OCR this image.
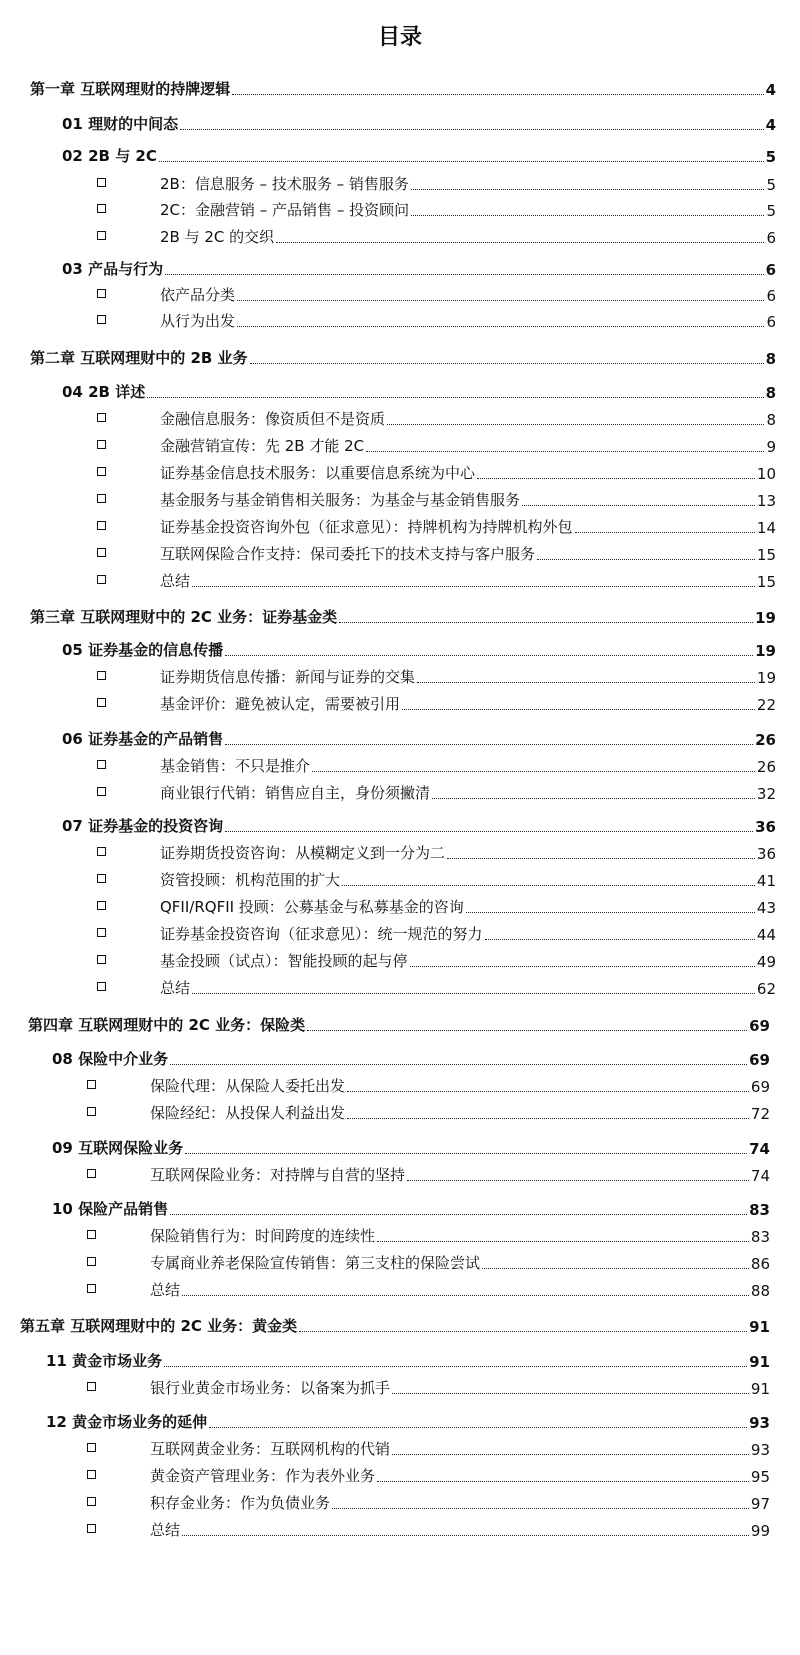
目录
第一章 互联网理财的持牌逻辑	4
01 理财的中间态	4
02 2B 与 2C	5
2B：信息服务 – 技术服务 – 销售服务	5
2C：金融营销 – 产品销售 – 投资顾问	5
2B 与 2C 的交织	6
03 产品与行为	6
依产品分类	6
从行为出发	6
第二章 互联网理财中的 2B 业务	8
04 2B 详述	8
金融信息服务：像资质但不是资质	8
金融营销宣传：先 2B 才能 2C	9
证券基金信息技术服务：以重要信息系统为中心	10
基金服务与基金销售相关服务：为基金与基金销售服务	13
证券基金投资咨询外包（征求意见）：持牌机构为持牌机构外包	14
互联网保险合作支持：保司委托下的技术支持与客户服务	15
总结	15
第三章 互联网理财中的 2C 业务：证券基金类	19
05 证券基金的信息传播	19
证券期货信息传播：新闻与证券的交集	19
基金评价：避免被认定，需要被引用	22
06 证券基金的产品销售	26
基金销售：不只是推介	26
商业银行代销：销售应自主，身份须撇清	32
07 证券基金的投资咨询	36
证券期货投资咨询：从模糊定义到一分为二	36
资管投顾：机构范围的扩大	41
QFII/RQFII 投顾：公募基金与私募基金的咨询	43
证券基金投资咨询（征求意见）：统一规范的努力	44
基金投顾（试点）：智能投顾的起与停	49
总结	62
第四章 互联网理财中的 2C 业务：保险类	69
08 保险中介业务	69
保险代理：从保险人委托出发	69
保险经纪：从投保人利益出发	72
09 互联网保险业务	74
互联网保险业务：对持牌与自营的坚持	74
10 保险产品销售	83
保险销售行为：时间跨度的连续性	83
专属商业养老保险宣传销售：第三支柱的保险尝试	86
总结	88
第五章 互联网理财中的 2C 业务：黄金类	91
11 黄金市场业务	91
银行业黄金市场业务：以备案为抓手	91
12 黄金市场业务的延伸	93
互联网黄金业务：互联网机构的代销	93
黄金资产管理业务：作为表外业务	95
积存金业务：作为负债业务	97
总结	99
